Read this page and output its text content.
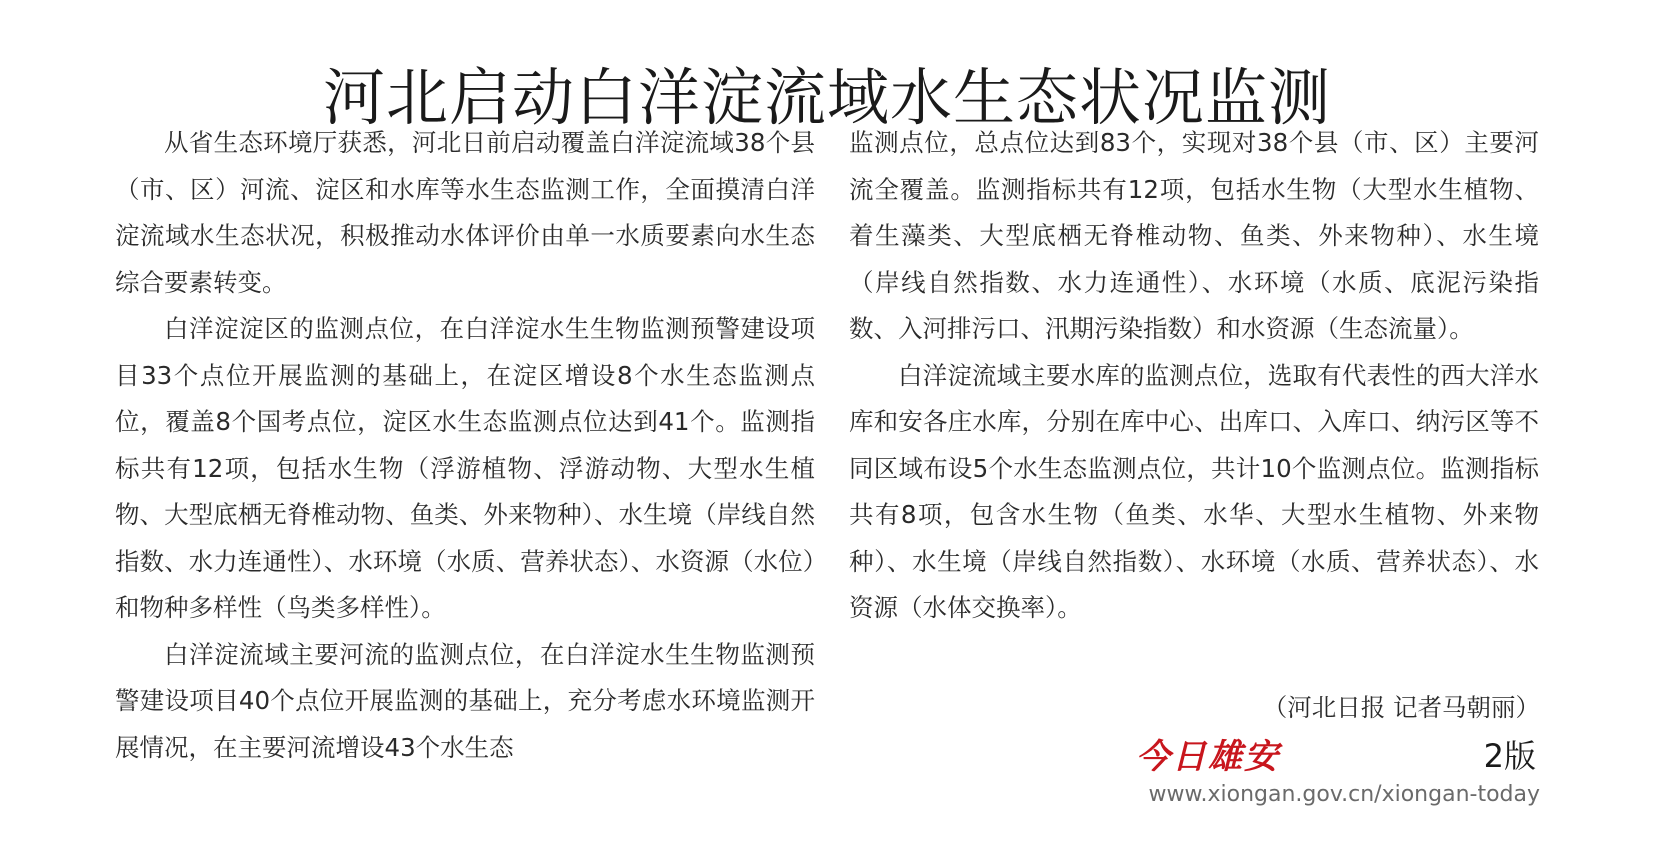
河北启动白洋淀流域水生态状况监测

从省生态环境厅获悉，河北日前启动覆盖白洋淀流域38个县（市、区）河流、淀区和水库等水生态监测工作，全面摸清白洋淀流域水生态状况，积极推动水体评价由单一水质要素向水生态综合要素转变。

白洋淀淀区的监测点位，在白洋淀水生生物监测预警建设项目33个点位开展监测的基础上，在淀区增设8个水生态监测点位，覆盖8个国考点位，淀区水生态监测点位达到41个。监测指标共有12项，包括水生物（浮游植物、浮游动物、大型水生植物、大型底栖无脊椎动物、鱼类、外来物种）、水生境（岸线自然指数、水力连通性）、水环境（水质、营养状态）、水资源（水位）和物种多样性（鸟类多样性）。

白洋淀流域主要河流的监测点位，在白洋淀水生生物监测预警建设项目40个点位开展监测的基础上，充分考虑水环境监测开展情况，在主要河流增设43个水生态

监测点位，总点位达到83个，实现对38个县（市、区）主要河流全覆盖。监测指标共有12项，包括水生物（大型水生植物、着生藻类、大型底栖无脊椎动物、鱼类、外来物种）、水生境（岸线自然指数、水力连通性）、水环境（水质、底泥污染指数、入河排污口、汛期污染指数）和水资源（生态流量）。

白洋淀流域主要水库的监测点位，选取有代表性的西大洋水库和安各庄水库，分别在库中心、出库口、入库口、纳污区等不同区域布设5个水生态监测点位，共计10个监测点位。监测指标共有8项，包含水生物（鱼类、水华、大型水生植物、外来物种）、水生境（岸线自然指数）、水环境（水质、营养状态）、水资源（水体交换率）。

（河北日报 记者马朝丽）
今日雄安	2版
www.xiongan.gov.cn/xiongan-today
